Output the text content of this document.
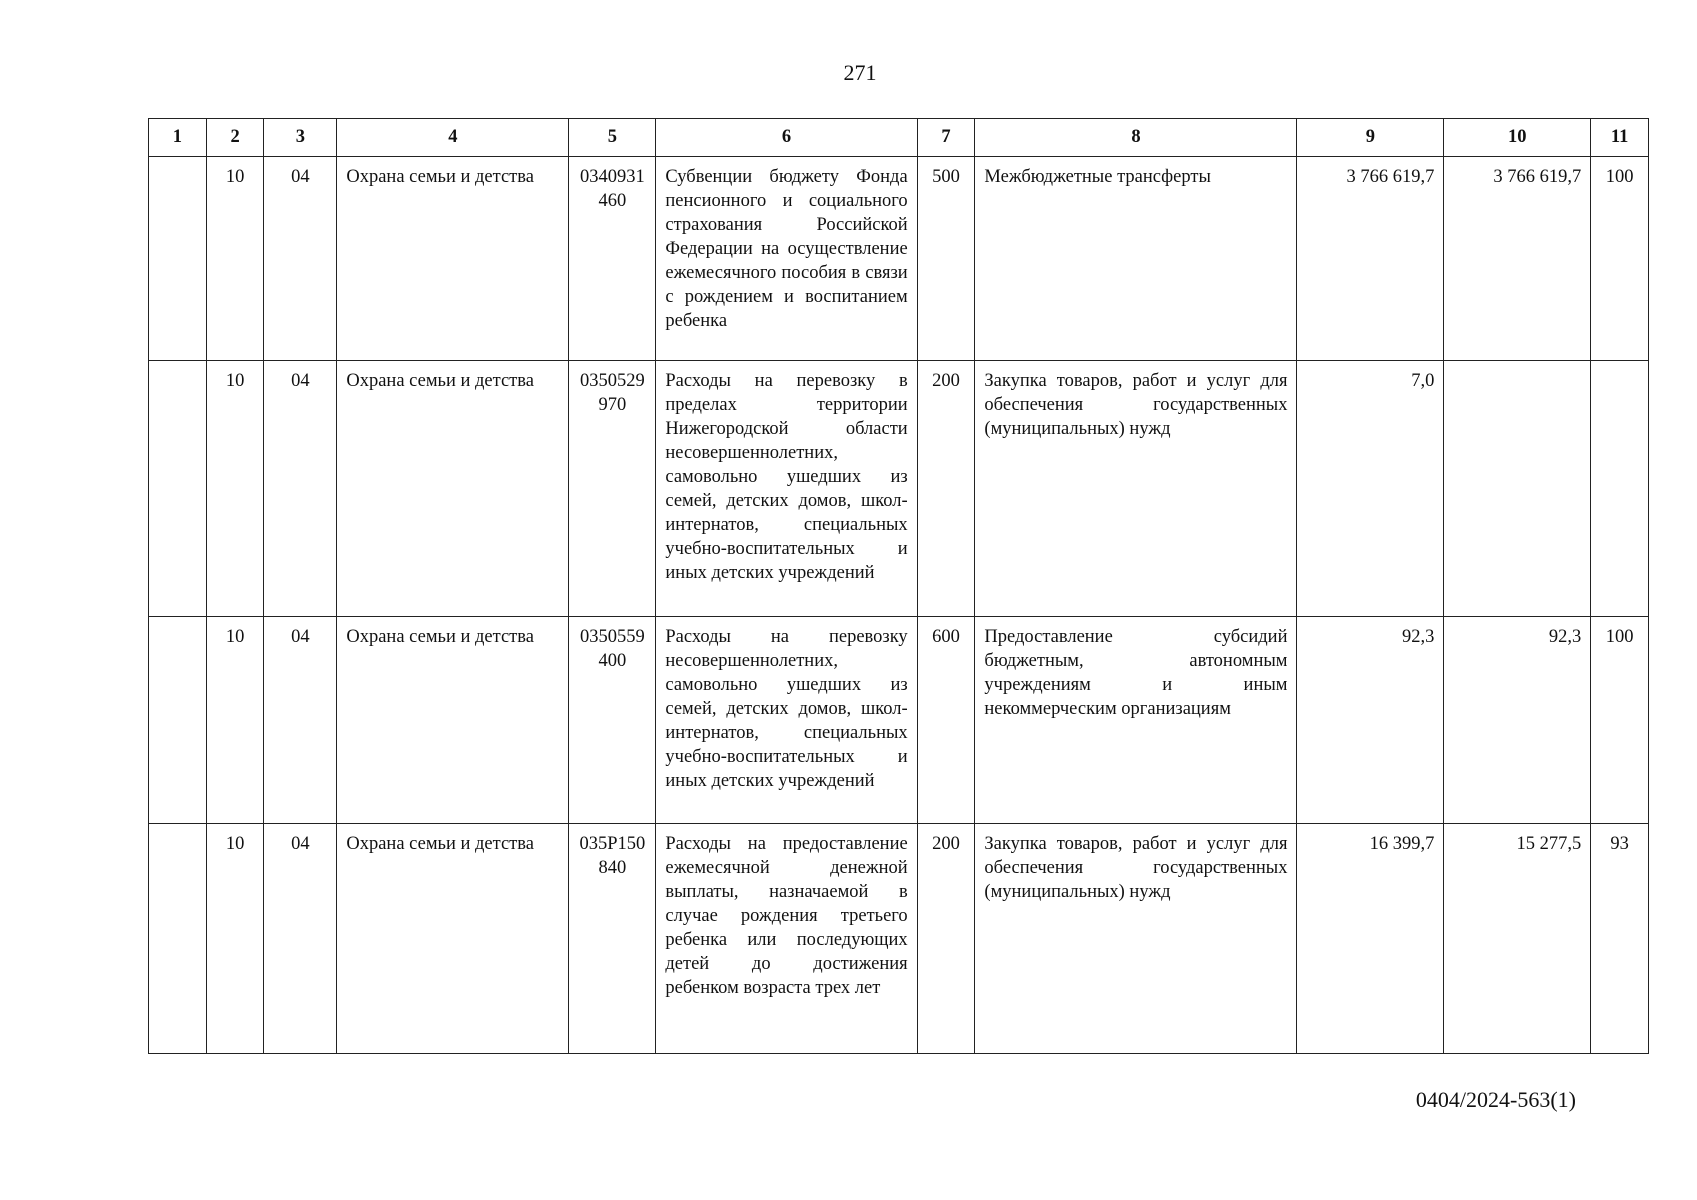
271
1	2	3	4	5	6	7	8	9	10	11
	10	04	Охрана семьи и детства	0340931460	Субвенции бюджету Фонда пенсионного и социального страхования Российской Федерации на осуществление ежемесячного пособия в связи с рождением и воспитанием ребенка	500	Межбюджетные трансферты	3 766 619,7	3 766 619,7	100
	10	04	Охрана семьи и детства	0350529970	Расходы на перевозку в пределах территории Нижегородской области несовершеннолетних, самовольно ушедших из семей, детских домов, школ-интернатов, специальных учебно-воспитательных и иных детских учреждений	200	Закупка товаров, работ и услуг для обеспечения государственных (муниципальных) нужд	7,0		
	10	04	Охрана семьи и детства	0350559400	Расходы на перевозку несовершеннолетних, самовольно ушедших из семей, детских домов, школ-интернатов, специальных учебно-воспитательных и иных детских учреждений	600	Предоставление субсидий бюджетным, автономным учреждениям и иным некоммерческим организациям	92,3	92,3	100
	10	04	Охрана семьи и детства	035P150840	Расходы на предоставление ежемесячной денежной выплаты, назначаемой в случае рождения третьего ребенка или последующих детей до достижения ребенком возраста трех лет	200	Закупка товаров, работ и услуг для обеспечения государственных (муниципальных) нужд	16 399,7	15 277,5	93
0404/2024-563(1)
